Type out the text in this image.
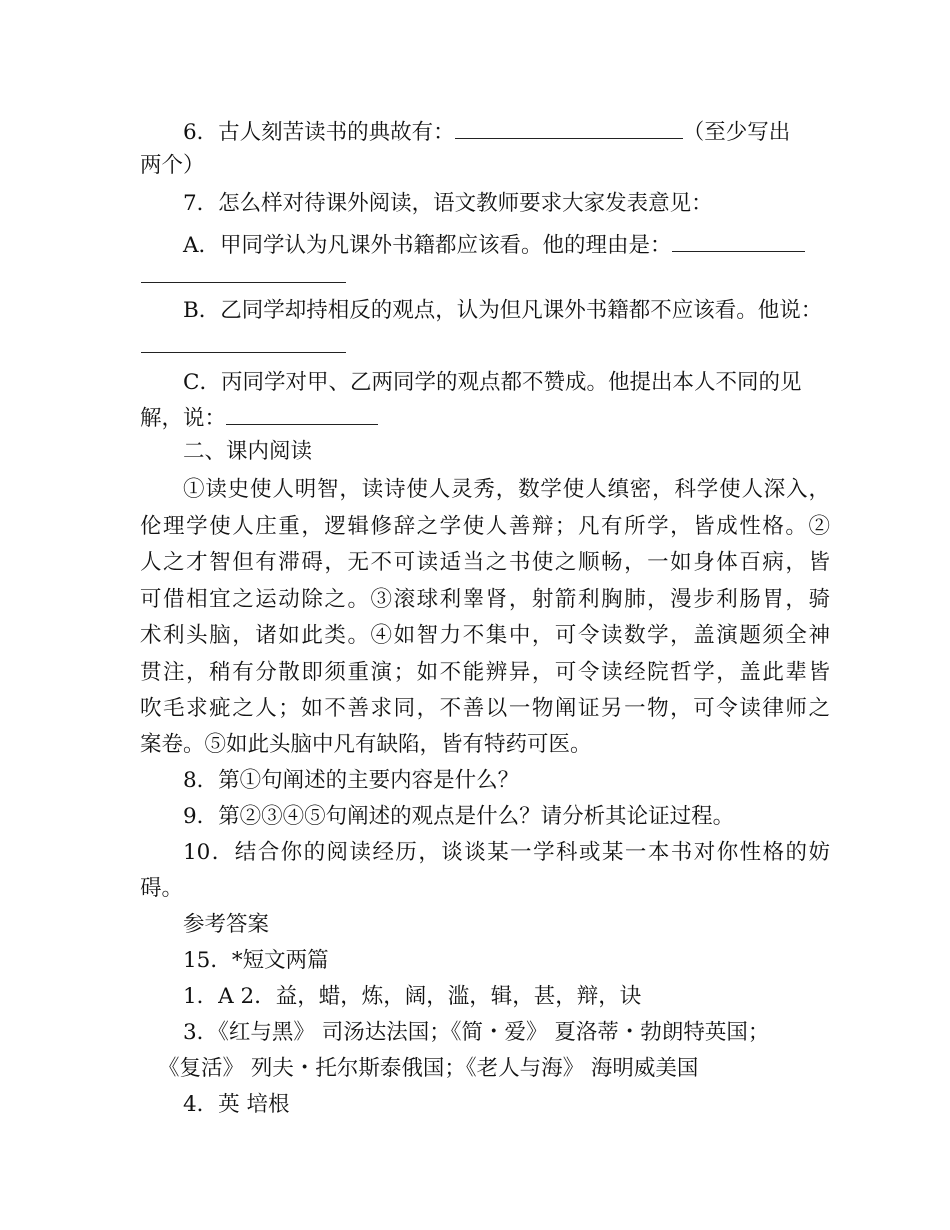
6．古人刻苦读书的典故有：	（至少写出
两个）
7．怎么样对待课外阅读，语文教师要求大家发表意见：
A．甲同学认为凡课外书籍都应该看。他的理由是：
B．乙同学却持相反的观点，认为但凡课外书籍都不应该看。他说：
C．丙同学对甲、乙两同学的观点都不赞成。他提出本人不同的见
解，说：
二、课内阅读
①读史使人明智，读诗使人灵秀，数学使人缜密，科学使人深入，
伦理学使人庄重，逻辑修辞之学使人善辩；凡有所学，皆成性格。②
人之才智但有滞碍，无不可读适当之书使之顺畅，一如身体百病，皆
可借相宜之运动除之。③滚球利睾肾，射箭利胸肺，漫步利肠胃，骑
术利头脑，诸如此类。④如智力不集中，可令读数学，盖演题须全神
贯注，稍有分散即须重演；如不能辨异，可令读经院哲学，盖此辈皆
吹毛求疵之人；如不善求同，不善以一物阐证另一物，可令读律师之
案卷。⑤如此头脑中凡有缺陷，皆有特药可医。
8．第①句阐述的主要内容是什么？
9．第②③④⑤句阐述的观点是什么？请分析其论证过程。
10．结合你的阅读经历，谈谈某一学科或某一本书对你性格的妨
碍。
参考答案
15．*短文两篇
1．A 2．益，蜡，炼，阔，滥，辑，甚，辩，诀
3．《红与黑》 司汤达法国；《简・爱》 夏洛蒂・勃朗特英国；
《复活》 列夫・托尔斯泰俄国；《老人与海》 海明威美国
4．英 培根
